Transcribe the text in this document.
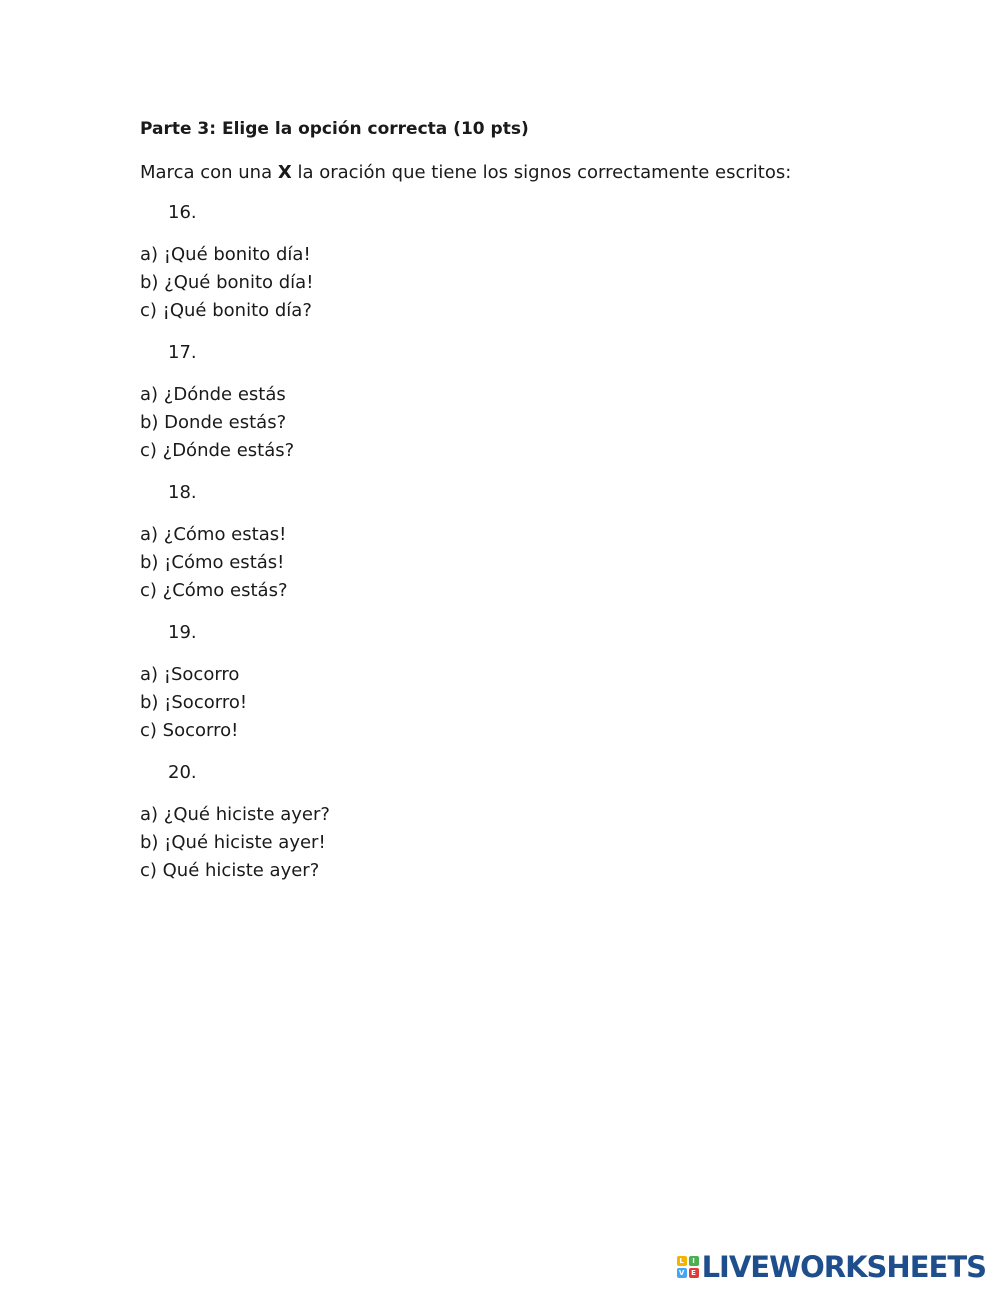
Parte 3: Elige la opción correcta (10 pts)
Marca con una X la oración que tiene los signos correctamente escritos:
16.
a) ¡Qué bonito día!
b) ¿Qué bonito día!
c) ¡Qué bonito día?
17.
a) ¿Dónde estás
b) Donde estás?
c) ¿Dónde estás?
18.
a) ¿Cómo estas!
b) ¡Cómo estás!
c) ¿Cómo estás?
19.
a) ¡Socorro
b) ¡Socorro!
c) Socorro!
20.
a) ¿Qué hiciste ayer?
b) ¡Qué hiciste ayer!
c) Qué hiciste ayer?
L	I
V E LIVEWORKSHEETS
